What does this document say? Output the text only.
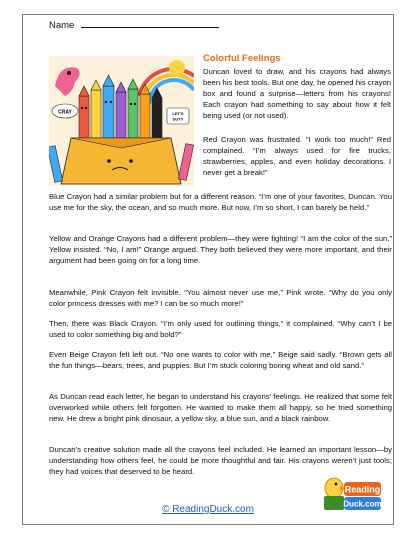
Name
CRAY	LET'S
DUTY
Colorful Feelings

Duncan loved to draw, and his crayons had always been his best tools. But one day, he opened his crayon box and found a surprise—letters from his crayons! Each crayon had something to say about how it felt being used (or not used).

Red Crayon was frustrated. “I work too much!” Red complained. “I’m always used for fire trucks, strawberries, apples, and even holiday decorations. I never get a break!”

Blue Crayon had a similar problem but for a different reason. “I’m one of your favorites, Duncan. You use me for the sky, the ocean, and so much more. But now, I’m so short, I can barely be held.”

Yellow and Orange Crayons had a different problem—they were fighting! “I am the color of the sun,” Yellow insisted. “No, I am!” Orange argued. They both believed they were more important, and their argument had been going on for a long time.

Meanwhile, Pink Crayon felt invisible. “You almost never use me,” Pink wrote. “Why do you only color princess dresses with me? I can be so much more!”

Then, there was Black Crayon. “I’m only used for outlining things,” it complained. “Why can’t I be used to color something big and bold?”

Even Beige Crayon felt left out. “No one wants to color with me,” Beige said sadly. “Brown gets all the fun things—bears, trees, and puppies. But I’m stuck coloring boring wheat and old sand.”

As Duncan read each letter, he began to understand his crayons’ feelings. He realized that some felt overworked while others felt forgotten. He wanted to make them all happy, so he tried something new. He drew a bright pink dinosaur, a yellow sky, a blue sun, and a black rainbow.

Duncan’s creative solution made all the crayons feel included. He learned an important lesson—by understanding how others feel, he could be more thoughtful and fair. His crayons weren’t just tools; they had voices that deserved to be heard.

© ReadingDuck.com
Reading
Duck.com
